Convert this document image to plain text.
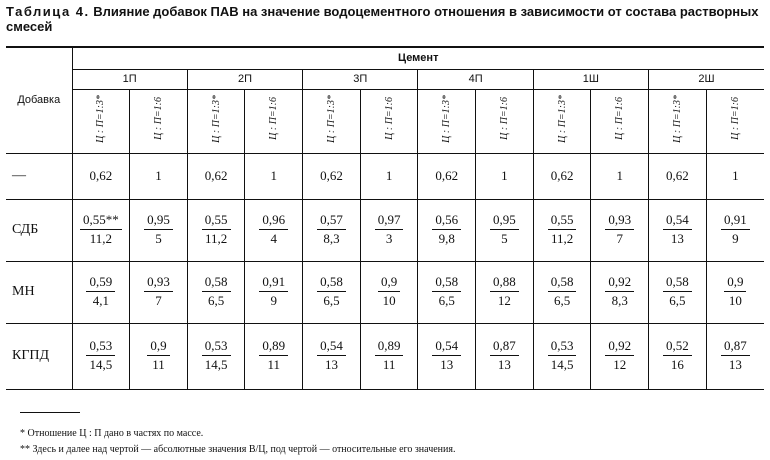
Таблица 4. Влияние добавок ПАВ на значение водоцементного отношения в зависимости от состава растворных смесей
Добавка	Цемент											
	1П		2П		3П		4П		1Ш		2Ш	
	Ц : П=1:3*	Ц : П=1:6	Ц : П=1:3*	Ц : П=1:6	Ц : П=1:3*	Ц : П=1:6	Ц : П=1:3*	Ц : П=1:6	Ц : П=1:3*	Ц : П=1:6	Ц : П=1:3*	Ц : П=1:6
—	0,62	1	0,62	1	0,62	1	0,62	1	0,62	1	0,62	1
СДБ	$\frac{0,55**}{11,2}$	$\frac{0,95}{5}$	$\frac{0,55}{11,2}$	$\frac{0,96}{4}$	$\frac{0,57}{8,3}$	$\frac{0,97}{3}$	$\frac{0,56}{9,8}$	$\frac{0,95}{5}$	$\frac{0,55}{11,2}$	$\frac{0,93}{7}$	$\frac{0,54}{13}$	$\frac{0,91}{9}$

МН	$\frac{0,59}{4,1}$	$\frac{0,93}{7}$	$\frac{0,58}{6,5}$	$\frac{0,91}{9}$	$\frac{0,58}{6,5}$	$\frac{0,9}{10}$	$\frac{0,58}{6,5}$	$\frac{0,88}{12}$	$\frac{0,58}{6,5}$	$\frac{0,92}{8,3}$	$\frac{0,58}{6,5}$	$\frac{0,9}{10}$

КГПД	$\frac{0,53}{14,5}$	$\frac{0,9}{11}$	$\frac{0,53}{14,5}$	$\frac{0,89}{11}$	$\frac{0,54}{13}$	$\frac{0,89}{11}$	$\frac{0,54}{13}$	$\frac{0,87}{13}$	$\frac{0,53}{14,5}$	$\frac{0,92}{12}$	$\frac{0,52}{16}$	$\frac{0,87}{13}$
* Отношение Ц : П дано в частях по массе.
** Здесь и далее над чертой — абсолютные значения В/Ц, под чертой — относительные его значения.
